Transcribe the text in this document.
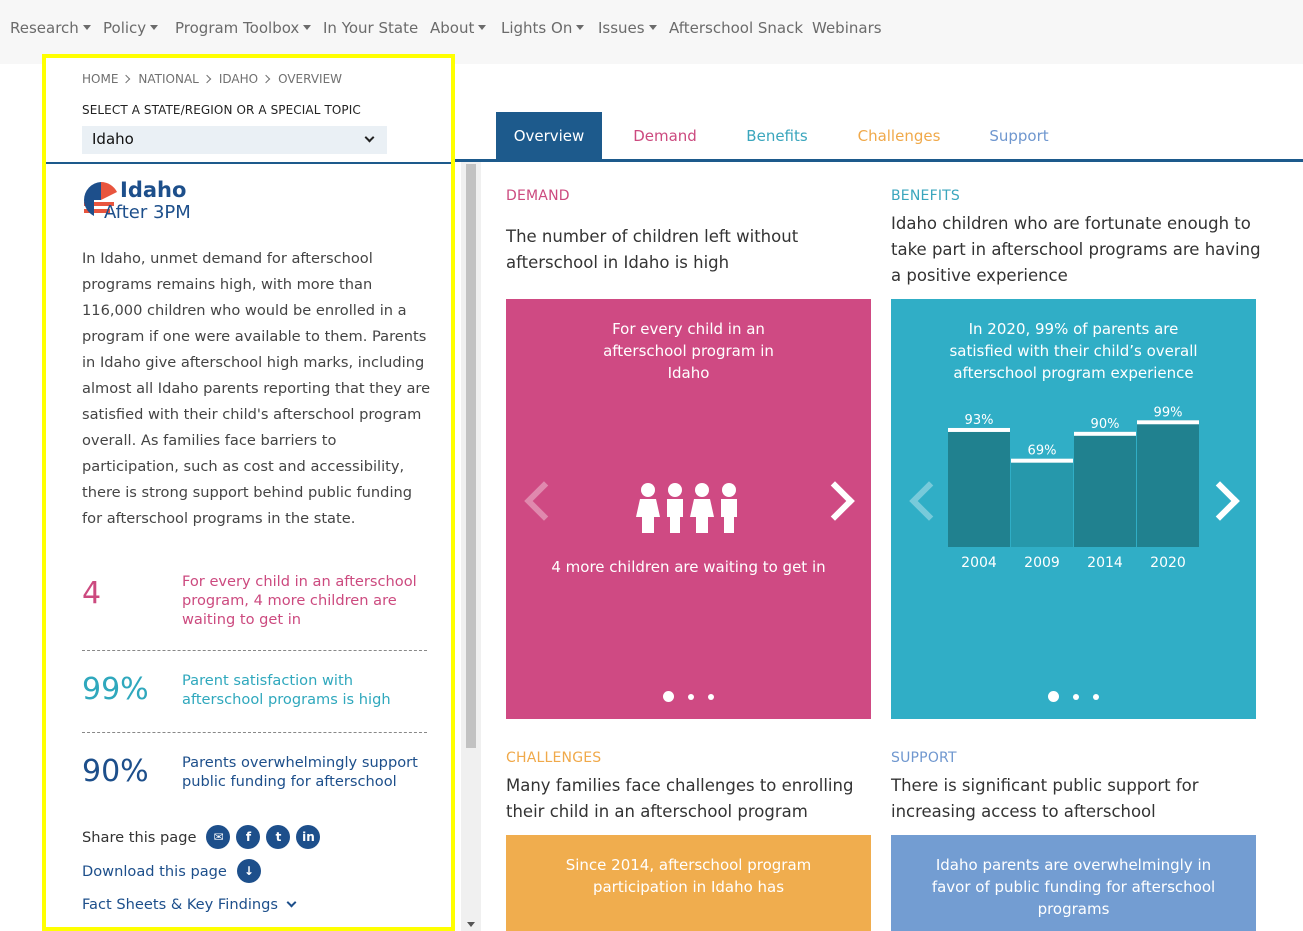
Research	Policy	Program Toolbox	In Your State About	Lights On	Issues	Afterschool Snack Webinars
HOME NATIONAL IDAHO OVERVIEW
SELECT A STATE/REGION OR A SPECIAL TOPIC
Idaho
Idaho
After 3PM

In Idaho, unmet demand for afterschool programs remains high, with more than 116,000 children who would be enrolled in a program if one were available to them. Parents in Idaho give afterschool high marks, including almost all Idaho parents reporting that they are satisfied with their child's afterschool program overall. As families face barriers to participation, such as cost and accessibility, there is strong support behind public funding for afterschool programs in the state.

4	For every child in an afterschool program, 4 more children are waiting to get in
99% Parent satisfaction with afterschool programs is high
90% Parents overwhelmingly support public funding for afterschool
Share this page	✉	f	t	in
Download this page	↓
Fact Sheets & Key Findings
Overview	Demand	Benefits	Challenges	Support
DEMAND
The number of children left without afterschool in Idaho is high
For every child in an afterschool program in Idaho
4 more children are waiting to get in
BENEFITS
Idaho children who are fortunate enough to take part in afterschool programs are having a positive experience
In 2020, 99% of parents are satisfied with their child’s overall afterschool program experience
93%
2004
69%
2009
90%
2014
99%
2020
CHALLENGES
Many families face challenges to enrolling their child in an afterschool program
Since 2014, afterschool program participation in Idaho has
SUPPORT
There is significant public support for increasing access to afterschool
Idaho parents are overwhelmingly in favor of public funding for afterschool programs
